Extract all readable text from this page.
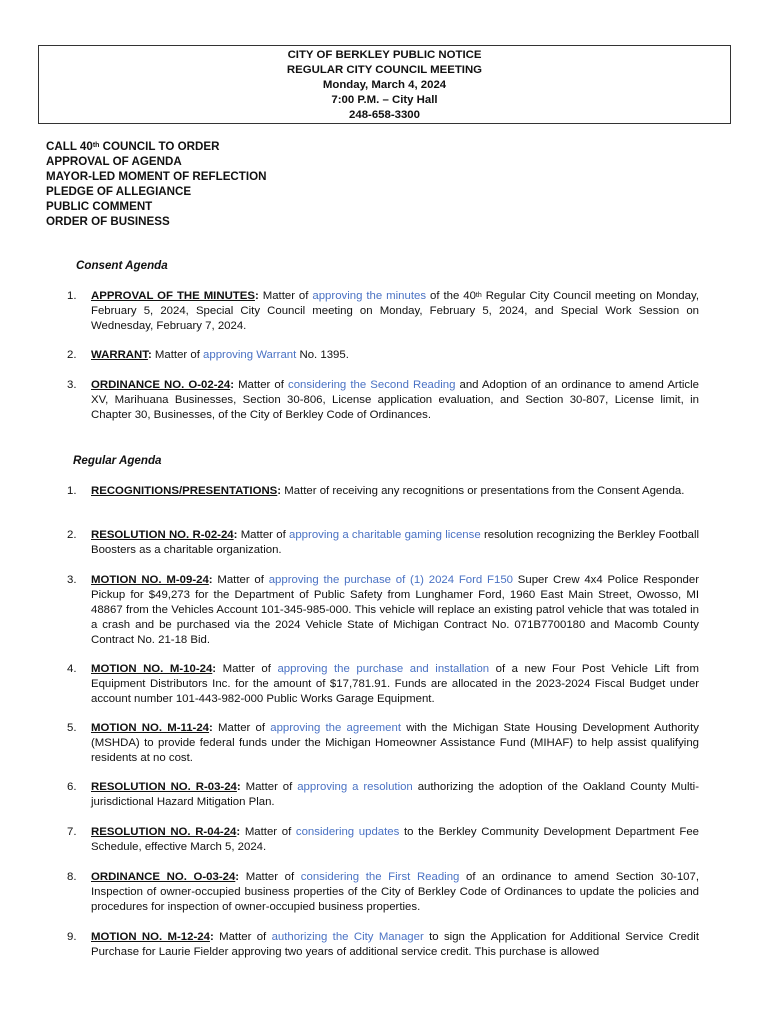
CITY OF BERKLEY PUBLIC NOTICE
REGULAR CITY COUNCIL MEETING
Monday, March 4, 2024
7:00 P.M. – City Hall
248-658-3300
CALL 40th COUNCIL TO ORDER
APPROVAL OF AGENDA
MAYOR-LED MOMENT OF REFLECTION
PLEDGE OF ALLEGIANCE
PUBLIC COMMENT
ORDER OF BUSINESS
Consent Agenda
1. APPROVAL OF THE MINUTES: Matter of approving the minutes of the 40th Regular City Council meeting on Monday, February 5, 2024, Special City Council meeting on Monday, February 5, 2024, and Special Work Session on Wednesday, February 7, 2024.
2. WARRANT: Matter of approving Warrant No. 1395.
3. ORDINANCE NO. O-02-24: Matter of considering the Second Reading and Adoption of an ordinance to amend Article XV, Marihuana Businesses, Section 30-806, License application evaluation, and Section 30-807, License limit, in Chapter 30, Businesses, of the City of Berkley Code of Ordinances.
Regular Agenda
1. RECOGNITIONS/PRESENTATIONS: Matter of receiving any recognitions or presentations from the Consent Agenda.
2. RESOLUTION NO. R-02-24: Matter of approving a charitable gaming license resolution recognizing the Berkley Football Boosters as a charitable organization.
3. MOTION NO. M-09-24: Matter of approving the purchase of (1) 2024 Ford F150 Super Crew 4x4 Police Responder Pickup for $49,273 for the Department of Public Safety from Lunghamer Ford, 1960 East Main Street, Owosso, MI 48867 from the Vehicles Account 101-345-985-000. This vehicle will replace an existing patrol vehicle that was totaled in a crash and be purchased via the 2024 Vehicle State of Michigan Contract No. 071B7700180 and Macomb County Contract No. 21-18 Bid.
4. MOTION NO. M-10-24: Matter of approving the purchase and installation of a new Four Post Vehicle Lift from Equipment Distributors Inc. for the amount of $17,781.91. Funds are allocated in the 2023-2024 Fiscal Budget under account number 101-443-982-000 Public Works Garage Equipment.
5. MOTION NO. M-11-24: Matter of approving the agreement with the Michigan State Housing Development Authority (MSHDA) to provide federal funds under the Michigan Homeowner Assistance Fund (MIHAF) to help assist qualifying residents at no cost.
6. RESOLUTION NO. R-03-24: Matter of approving a resolution authorizing the adoption of the Oakland County Multi-jurisdictional Hazard Mitigation Plan.
7. RESOLUTION NO. R-04-24: Matter of considering updates to the Berkley Community Development Department Fee Schedule, effective March 5, 2024.
8. ORDINANCE NO. O-03-24: Matter of considering the First Reading of an ordinance to amend Section 30-107, Inspection of owner-occupied business properties of the City of Berkley Code of Ordinances to update the policies and procedures for inspection of owner-occupied business properties.
9. MOTION NO. M-12-24: Matter of authorizing the City Manager to sign the Application for Additional Service Credit Purchase for Laurie Fielder approving two years of additional service credit. This purchase is allowed
